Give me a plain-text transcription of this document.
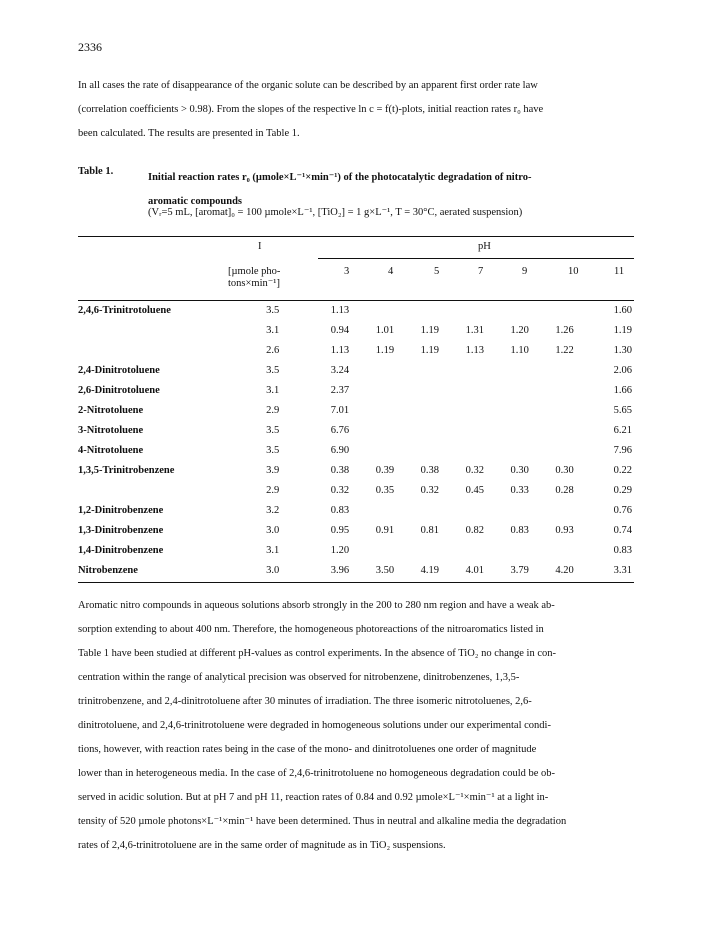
2336

In all cases the rate of disappearance of the organic solute can be described by an apparent first order rate law
(correlation coefficients > 0.98). From the slopes of the respective ln c = f(t)-plots, initial reaction rates r₀ have
been calculated. The results are presented in Table 1.

Table 1.
Initial reaction rates r₀ (µmole×L⁻¹×min⁻¹) of the photocatalytic degradation of nitro-
aromatic compounds
(Vᵣ=5 mL, [aromat]₀ = 100 µmole×L⁻¹, [TiO₂] = 1 g×L⁻¹, T = 30°C, aerated suspension)
I	pH
[µmole pho-
tons×min⁻¹]
3	4	5	7	9	10	11
2,4,6-Trinitrotoluene	3.5	1.13						1.60
	3.1	0.94	1.01	1.19	1.31	1.20	1.26	1.19
	2.6	1.13	1.19	1.19	1.13	1.10	1.22	1.30
2,4-Dinitrotoluene	3.5	3.24						2.06
2,6-Dinitrotoluene	3.1	2.37						1.66
2-Nitrotoluene	2.9	7.01						5.65
3-Nitrotoluene	3.5	6.76						6.21
4-Nitrotoluene	3.5	6.90						7.96
1,3,5-Trinitrobenzene	3.9	0.38	0.39	0.38	0.32	0.30	0.30	0.22
	2.9	0.32	0.35	0.32	0.45	0.33	0.28	0.29
1,2-Dinitrobenzene	3.2	0.83						0.76
1,3-Dinitrobenzene	3.0	0.95	0.91	0.81	0.82	0.83	0.93	0.74
1,4-Dinitrobenzene	3.1	1.20						0.83
Nitrobenzene	3.0	3.96	3.50	4.19	4.01	3.79	4.20	3.31

Aromatic nitro compounds in aqueous solutions absorb strongly in the 200 to 280 nm region and have a weak ab-
sorption extending to about 400 nm. Therefore, the homogeneous photoreactions of the nitroaromatics listed in
Table 1 have been studied at different pH-values as control experiments. In the absence of TiO₂ no change in con-
centration within the range of analytical precision was observed for nitrobenzene, dinitrobenzenes, 1,3,5-
trinitrobenzene, and 2,4-dinitrotoluene after 30 minutes of irradiation. The three isomeric nitrotoluenes, 2,6-
dinitrotoluene, and 2,4,6-trinitrotoluene were degraded in homogeneous solutions under our experimental condi-
tions, however, with reaction rates being in the case of the mono- and dinitrotoluenes one order of magnitude
lower than in heterogeneous media. In the case of 2,4,6-trinitrotoluene no homogeneous degradation could be ob-
served in acidic solution. But at pH 7 and pH 11, reaction rates of 0.84 and 0.92 µmole×L⁻¹×min⁻¹ at a light in-
tensity of 520 µmole photons×L⁻¹×min⁻¹ have been determined. Thus in neutral and alkaline media the degradation
rates of 2,4,6-trinitrotoluene are in the same order of magnitude as in TiO₂ suspensions.
